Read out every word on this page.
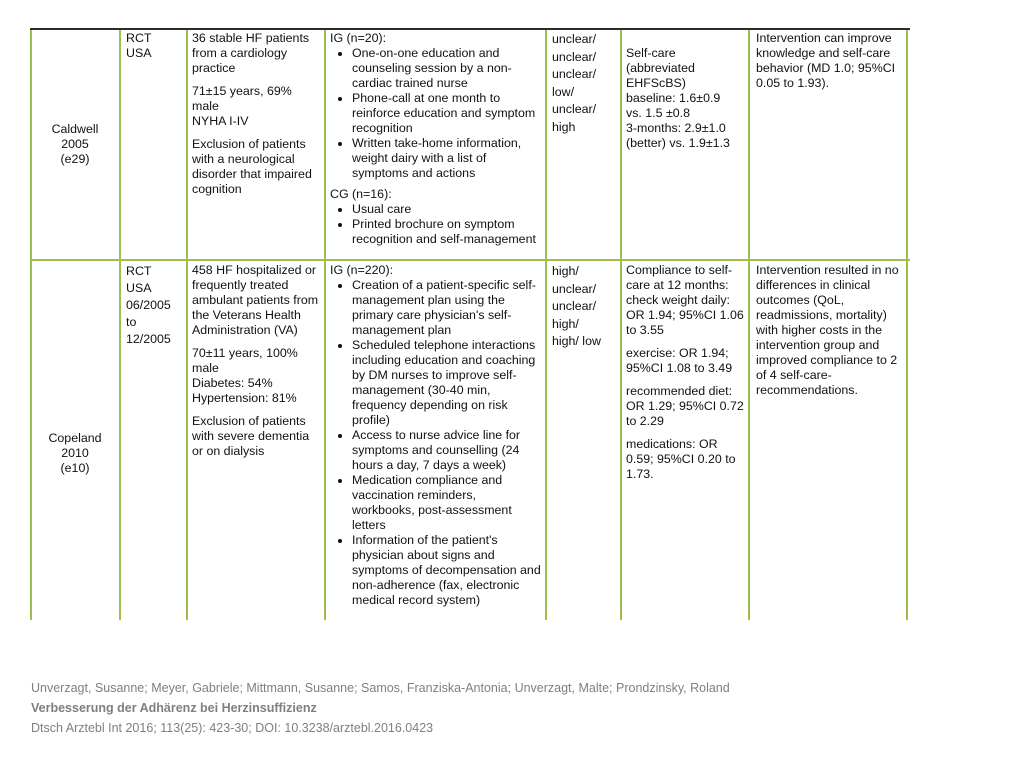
Caldwell
2005
(e29)
RCT
USA
36 stable HF patients from a cardiology practice
71±15 years, 69% male
NYHA I-IV
Exclusion of patients with a neurological disorder that impaired cognition
IG (n=20):
• One-on-one education and counseling session by a non-cardiac trained nurse
• Phone-call at one month to reinforce education and symptom recognition
• Written take-home information, weight dairy with a list of symptoms and actions
CG (n=16):
• Usual care
• Printed brochure on symptom recognition and self-management
unclear/
unclear/
unclear/
low/
unclear/
high

Self-care
(abbreviated
EHFScBS)
baseline: 1.6±0.9
vs. 1.5 ±0.8
3-months: 2.9±1.0
(better) vs. 1.9±1.3

Intervention can improve knowledge and self-care behavior (MD 1.0; 95%CI 0.05 to 1.93).
Copeland
2010
(e10)
RCT
USA
06/2005
to
12/2005
458 HF hospitalized or frequently treated ambulant patients from the Veterans Health Administration (VA)
70±11 years, 100% male
Diabetes: 54%
Hypertension: 81%
Exclusion of patients with severe dementia or on dialysis
IG (n=220):
• Creation of a patient-specific self-management plan using the primary care physician's self-management plan
• Scheduled telephone interactions including education and coaching by DM nurses to improve self-management (30-40 min, frequency depending on risk profile)
• Access to nurse advice line for symptoms and counselling (24 hours a day, 7 days a week)
• Medication compliance and vaccination reminders, workbooks, post-assessment letters
• Information of the patient's physician about signs and symptoms of decompensation and non-adherence (fax, electronic medical record system)
high/
unclear/
unclear/
high/
high/ low
Compliance to self-care at 12 months: check weight daily: OR 1.94; 95%CI 1.06 to 3.55
exercise: OR 1.94; 95%CI 1.08 to 3.49
recommended diet: OR 1.29; 95%CI 0.72 to 2.29
medications: OR 0.59; 95%CI 0.20 to 1.73.
Intervention resulted in no differences in clinical outcomes (QoL, readmissions, mortality) with higher costs in the intervention group and improved compliance to 2 of 4 self-care-recommendations.
Unverzagt, Susanne; Meyer, Gabriele; Mittmann, Susanne; Samos, Franziska-Antonia; Unverzagt, Malte; Prondzinsky, Roland
Verbesserung der Adhärenz bei Herzinsuffizienz
Dtsch Arztebl Int 2016; 113(25): 423-30; DOI: 10.3238/arztebl.2016.0423
